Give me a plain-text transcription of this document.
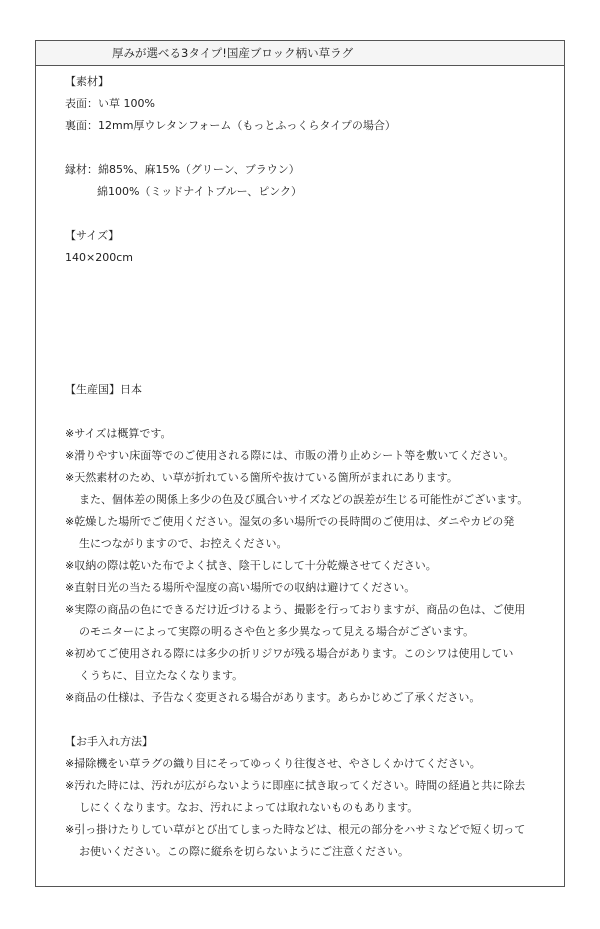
厚みが選べる3タイプ!国産ブロック柄い草ラグ
【素材】
表面：い草 100%
裏面：12mm厚ウレタンフォーム（もっとふっくらタイプの場合）
縁材：綿85%、麻15%（グリーン、ブラウン）
綿100%（ミッドナイトブルー、ピンク）
【サイズ】
140×200cm
【生産国】日本
※サイズは概算です。
※滑りやすい床面等でのご使用される際には、市販の滑り止めシート等を敷いてください。
※天然素材のため、い草が折れている箇所や抜けている箇所がまれにあります。
また、個体差の関係上多少の色及び風合いサイズなどの誤差が生じる可能性がございます。
※乾燥した場所でご使用ください。湿気の多い場所での長時間のご使用は、ダニやカビの発
生につながりますので、お控えください。
※収納の際は乾いた布でよく拭き、陰干しにして十分乾燥させてください。
※直射日光の当たる場所や湿度の高い場所での収納は避けてください。
※実際の商品の色にできるだけ近づけるよう、撮影を行っておりますが、商品の色は、ご使用
のモニターによって実際の明るさや色と多少異なって見える場合がございます。
※初めてご使用される際には多少の折リジワが残る場合があります。このシワは使用してい
くうちに、目立たなくなります。
※商品の仕様は、予告なく変更される場合があります。あらかじめご了承ください。
【お手入れ方法】
※掃除機をい草ラグの織り目にそってゆっくり往復させ、やさしくかけてください。
※汚れた時には、汚れが広がらないように即座に拭き取ってください。時間の経過と共に除去
しにくくなります。なお、汚れによっては取れないものもあります。
※引っ掛けたりしてい草がとび出てしまった時などは、根元の部分をハサミなどで短く切って
お使いください。この際に縦糸を切らないようにご注意ください。
